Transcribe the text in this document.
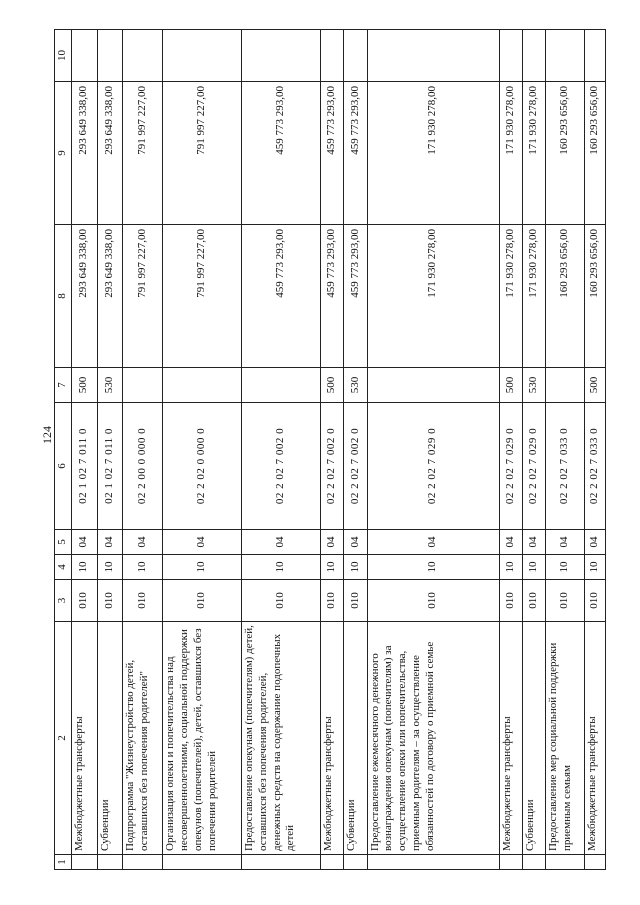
124
1	2	3	4	5	6	7	8	9	10
	Межбюджетные трансферты	010	10	04	02 1 02 7 011 0	500	293 649 338,00	293 649 338,00	
	Субвенции	010	10	04	02 1 02 7 011 0	530	293 649 338,00	293 649 338,00	
	Подпрограмма "Жизнеустройство детей, оставшихся без попечения родителей"	010	10	04	02 2 00 0 000 0		791 997 227,00	791 997 227,00	
	Организация опеки и попечительства над несовершеннолетними, социальной поддержки опекунов (попечителей), детей, оставшихся без попечения родителей	010	10	04	02 2 02 0 000 0		791 997 227,00	791 997 227,00	
	Предоставление опекунам (попечителям) детей, оставшихся без попечения родителей, денежных средств на содержание подопечных детей	010	10	04	02 2 02 7 002 0		459 773 293,00	459 773 293,00	
	Межбюджетные трансферты	010	10	04	02 2 02 7 002 0	500	459 773 293,00	459 773 293,00	
	Субвенции	010	10	04	02 2 02 7 002 0	530	459 773 293,00	459 773 293,00	
	Предоставление ежемесячного денежного вознаграждения опекунам (попечителям) за осуществление опеки или попечительства, приемным родителям – за осуществление обязанностей по договору о приемной семье	010	10	04	02 2 02 7 029 0		171 930 278,00	171 930 278,00	
	Межбюджетные трансферты	010	10	04	02 2 02 7 029 0	500	171 930 278,00	171 930 278,00	
	Субвенции	010	10	04	02 2 02 7 029 0	530	171 930 278,00	171 930 278,00	
	Предоставление мер социальной поддержки приемным семьям	010	10	04	02 2 02 7 033 0		160 293 656,00	160 293 656,00	
	Межбюджетные трансферты	010	10	04	02 2 02 7 033 0	500	160 293 656,00	160 293 656,00	
